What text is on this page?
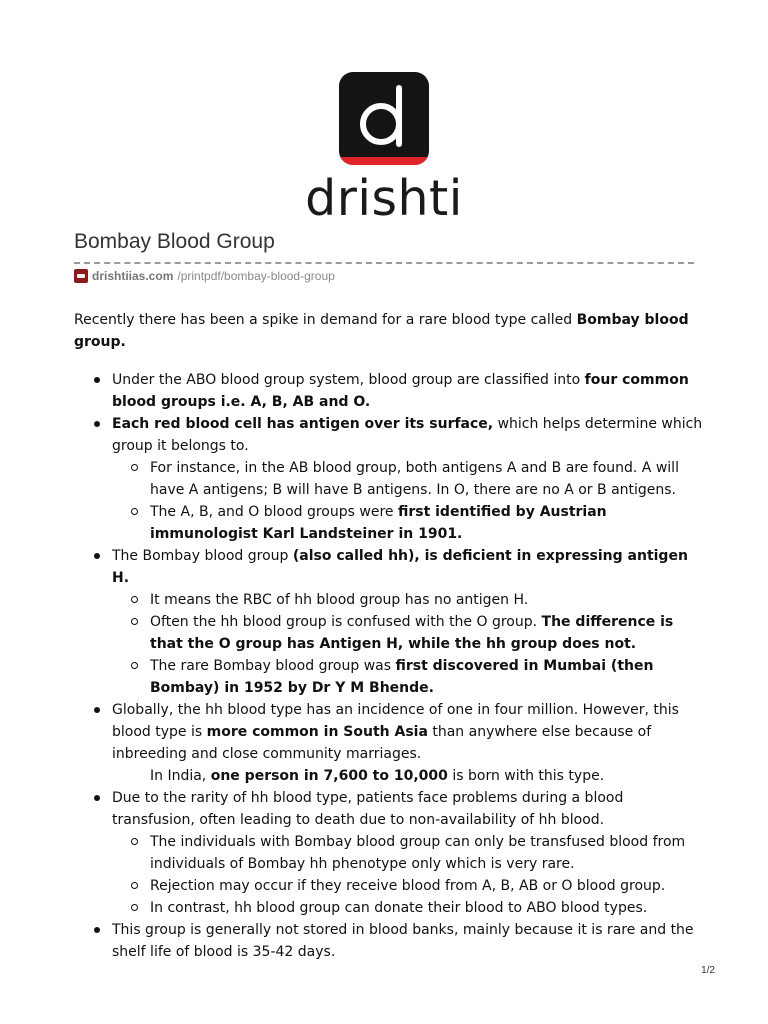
drishti
Bombay Blood Group
drishtiias.com /printpdf/bombay-blood-group

Recently there has been a spike in demand for a rare blood type called Bombay blood group.

Under the ABO blood group system, blood group are classified into four common blood groups i.e. A, B, AB and O.
Each red blood cell has antigen over its surface, which helps determine which group it belongs to.
For instance, in the AB blood group, both antigens A and B are found. A will have A antigens; B will have B antigens. In O, there are no A or B antigens.
The A, B, and O blood groups were first identified by Austrian immunologist Karl Landsteiner in 1901.
The Bombay blood group (also called hh), is deficient in expressing antigen H.
It means the RBC of hh blood group has no antigen H.
Often the hh blood group is confused with the O group. The difference is that the O group has Antigen H, while the hh group does not.
The rare Bombay blood group was first discovered in Mumbai (then Bombay) in 1952 by Dr Y M Bhende.
Globally, the hh blood type has an incidence of one in four million. However, this blood type is more common in South Asia than anywhere else because of inbreeding and close community marriages.
In India, one person in 7,600 to 10,000 is born with this type.
Due to the rarity of hh blood type, patients face problems during a blood transfusion, often leading to death due to non-availability of hh blood.
The individuals with Bombay blood group can only be transfused blood from individuals of Bombay hh phenotype only which is very rare.
Rejection may occur if they receive blood from A, B, AB or O blood group.
In contrast, hh blood group can donate their blood to ABO blood types.
This group is generally not stored in blood banks, mainly because it is rare and the shelf life of blood is 35-42 days.
1/2
